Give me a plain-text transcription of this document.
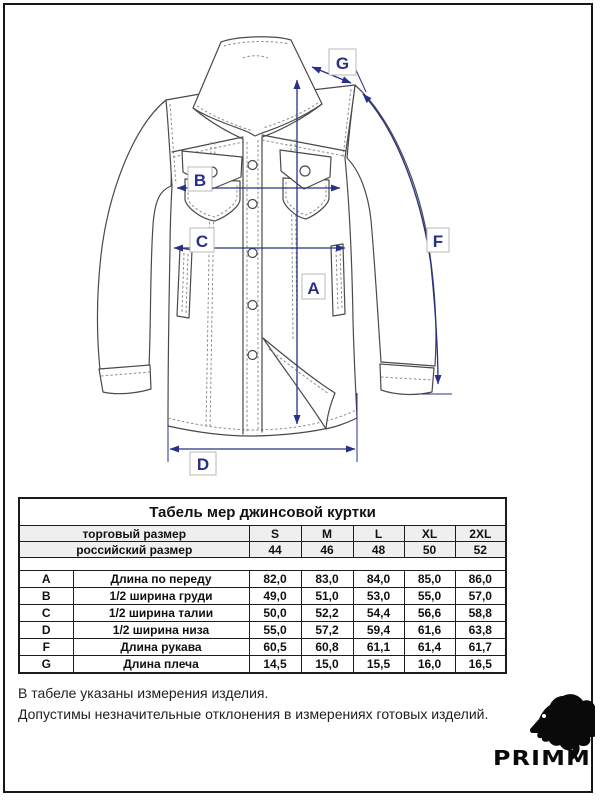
G
B
C
A
F
D
Табель мер джинсовой куртки						
торговый размер		S	M	L	XL	2XL
российский размер		44	46	48	50	52

A	Длина по переду	82,0	83,0	84,0	85,0	86,0
B	1/2 ширина груди	49,0	51,0	53,0	55,0	57,0
C	1/2 ширина талии	50,0	52,2	54,4	56,6	58,8
D	1/2 ширина низа	55,0	57,2	59,4	61,6	63,8
F	Длина рукава	60,5	60,8	61,1	61,4	61,7
G	Длина плеча	14,5	15,0	15,5	16,0	16,5
В табеле указаны измерения изделия.
Допустимы незначительные отклонения в измерениях готовых изделий.
PRIMM
